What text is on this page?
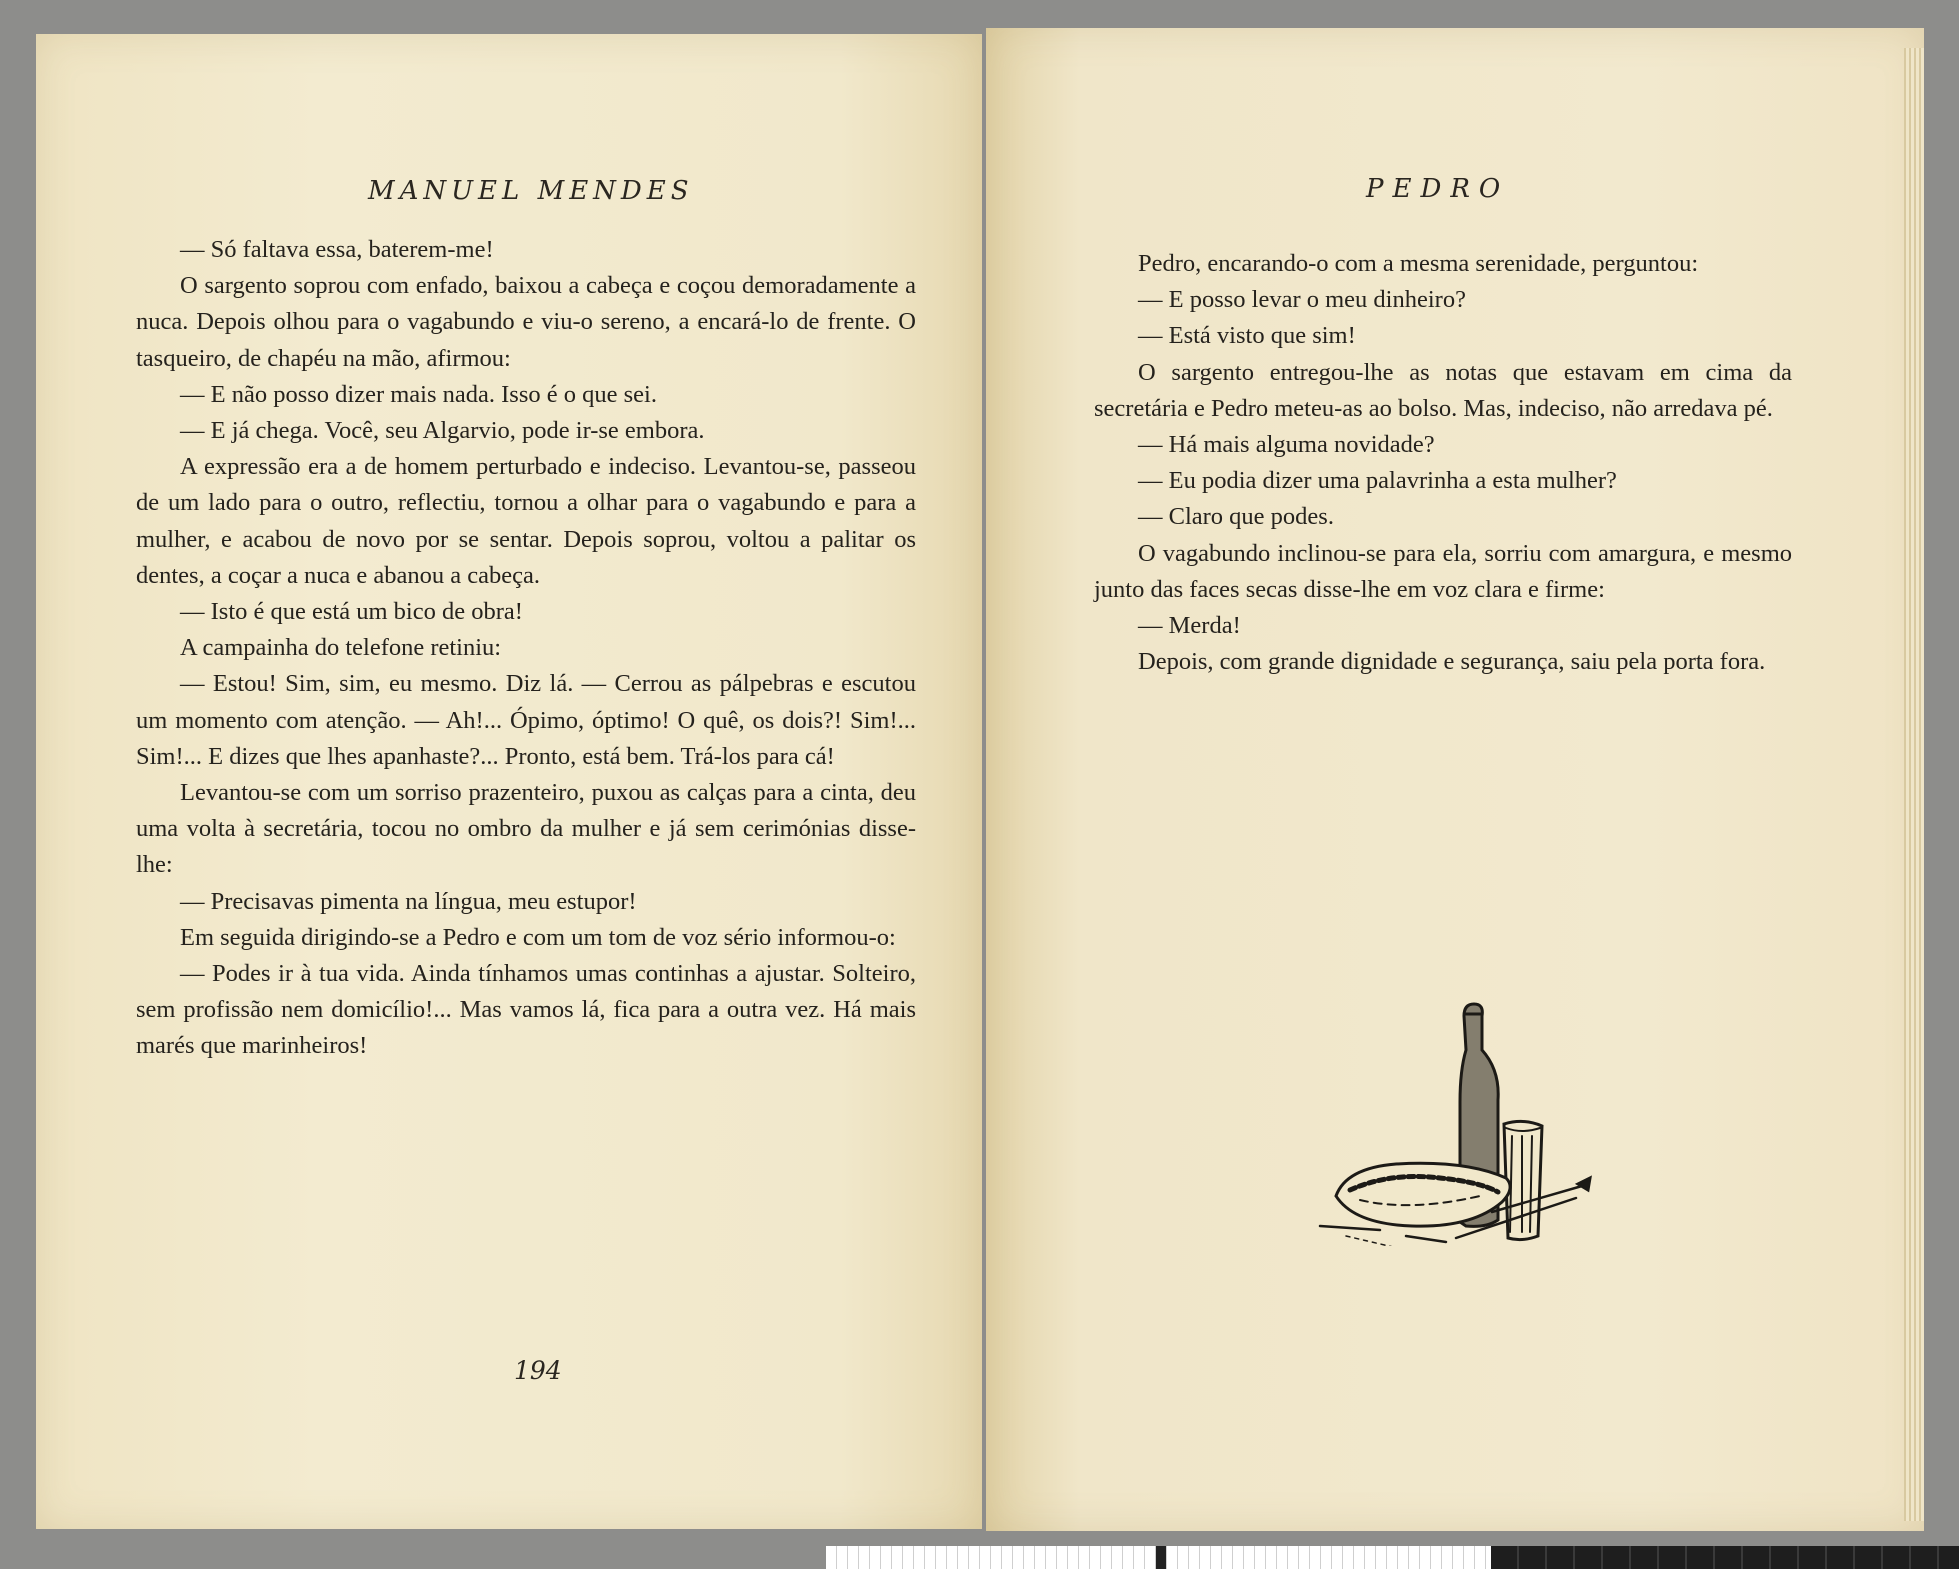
MANUEL MENDES

— Só faltava essa, baterem-me!

O sargento soprou com enfado, baixou a cabeça e coçou demoradamente a nuca. Depois olhou para o vagabundo e viu-o sereno, a encará-lo de frente. O tasqueiro, de chapéu na mão, afirmou:

— E não posso dizer mais nada. Isso é o que sei.

— E já chega. Você, seu Algarvio, pode ir-se embora.

A expressão era a de homem perturbado e indeciso. Levantou-se, passeou de um lado para o outro, reflectiu, tornou a olhar para o vagabundo e para a mulher, e acabou de novo por se sentar. Depois soprou, voltou a palitar os dentes, a coçar a nuca e abanou a cabeça.

— Isto é que está um bico de obra!

A campainha do telefone retiniu:

— Estou! Sim, sim, eu mesmo. Diz lá. — Cerrou as pálpebras e escutou um momento com atenção. — Ah!... Ópimo, óptimo! O quê, os dois?! Sim!... Sim!... E dizes que lhes apanhaste?... Pronto, está bem. Trá-los para cá!

Levantou-se com um sorriso prazenteiro, puxou as calças para a cinta, deu uma volta à secretária, tocou no ombro da mulher e já sem cerimónias disse-lhe:

— Precisavas pimenta na língua, meu estupor!

Em seguida dirigindo-se a Pedro e com um tom de voz sério informou-o:

— Podes ir à tua vida. Ainda tínhamos umas continhas a ajustar. Solteiro, sem profissão nem domicílio!... Mas vamos lá, fica para a outra vez. Há mais marés que marinheiros!

194
PEDRO

Pedro, encarando-o com a mesma serenidade, perguntou:

— E posso levar o meu dinheiro?

— Está visto que sim!

O sargento entregou-lhe as notas que estavam em cima da secretária e Pedro meteu-as ao bolso. Mas, indeciso, não arredava pé.

— Há mais alguma novidade?

— Eu podia dizer uma palavrinha a esta mulher?

— Claro que podes.

O vagabundo inclinou-se para ela, sorriu com amargura, e mesmo junto das faces secas disse-lhe em voz clara e firme:

— Merda!

Depois, com grande dignidade e segurança, saiu pela porta fora.
